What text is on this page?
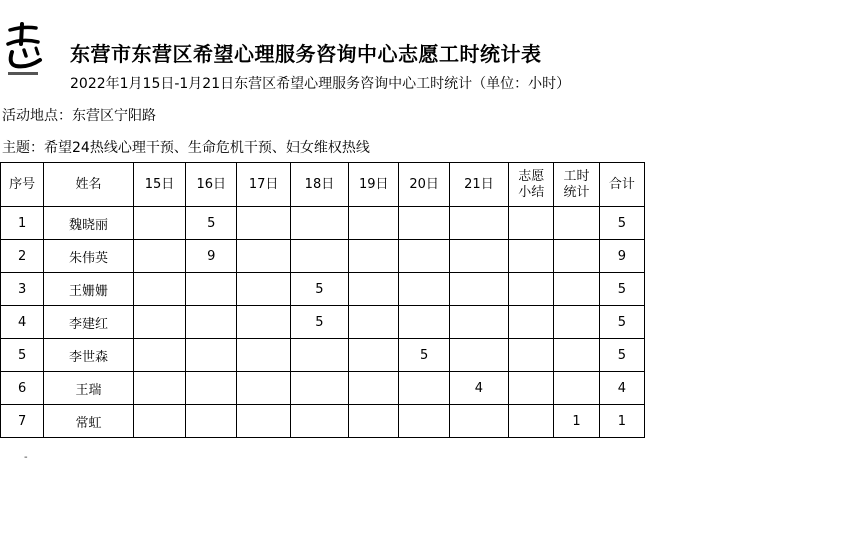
东营市东营区希望心理服务咨询中心志愿工时统计表
2022年1月15日-1月21日东营区希望心理服务咨询中心工时统计（单位：小时）
活动地点：东营区宁阳路
主题：希望24热线心理干预、生命危机干预、妇女维权热线
序号	姓名	15日	16日	17日	18日	19日	20日	21日	志愿小结	工时统计	合计
1	魏晓丽		5								5
2	朱伟英		9								9
3	王姗姗				5						5
4	李建红				5						5
5	李世森						5				5
6	王瑞							4			4
7	常虹									1	1
-
